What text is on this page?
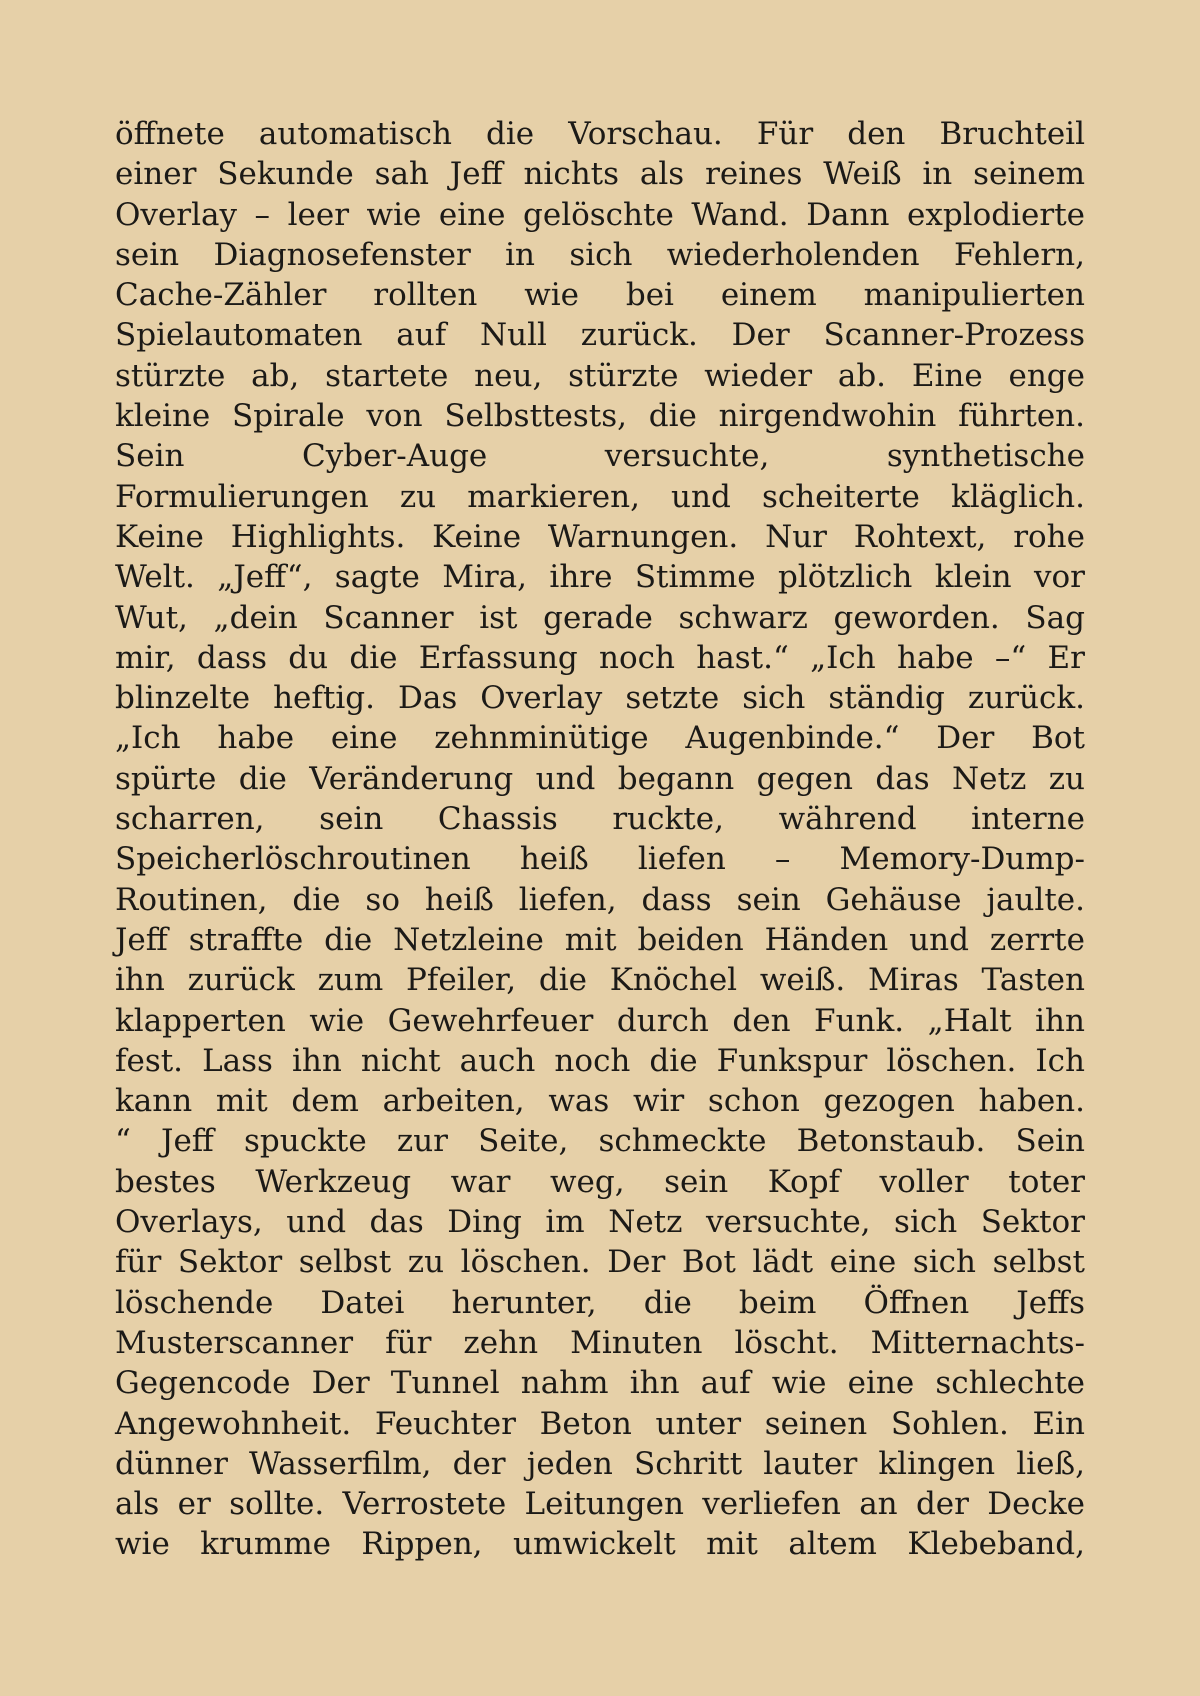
öffnete automatisch die Vorschau. Für den Bruchteil
einer Sekunde sah Jeff nichts als reines Weiß in seinem
Overlay – leer wie eine gelöschte Wand. Dann explodierte
sein Diagnosefenster in sich wiederholenden Fehlern,
Cache-Zähler rollten wie bei einem manipulierten
Spielautomaten auf Null zurück. Der Scanner-Prozess
stürzte ab, startete neu, stürzte wieder ab. Eine enge
kleine Spirale von Selbsttests, die nirgendwohin führten.
Sein Cyber-Auge versuchte, synthetische
Formulierungen zu markieren, und scheiterte kläglich.
Keine Highlights. Keine Warnungen. Nur Rohtext, rohe
Welt. „Jeff“, sagte Mira, ihre Stimme plötzlich klein vor
Wut, „dein Scanner ist gerade schwarz geworden. Sag
mir, dass du die Erfassung noch hast.“ „Ich habe –“ Er
blinzelte heftig. Das Overlay setzte sich ständig zurück.
„Ich habe eine zehnminütige Augenbinde.“ Der Bot
spürte die Veränderung und begann gegen das Netz zu
scharren, sein Chassis ruckte, während interne
Speicherlöschroutinen heiß liefen – Memory-Dump-
Routinen, die so heiß liefen, dass sein Gehäuse jaulte.
Jeff straffte die Netzleine mit beiden Händen und zerrte
ihn zurück zum Pfeiler, die Knöchel weiß. Miras Tasten
klapperten wie Gewehrfeuer durch den Funk. „Halt ihn
fest. Lass ihn nicht auch noch die Funkspur löschen. Ich
kann mit dem arbeiten, was wir schon gezogen haben.
“ Jeff spuckte zur Seite, schmeckte Betonstaub. Sein
bestes Werkzeug war weg, sein Kopf voller toter
Overlays, und das Ding im Netz versuchte, sich Sektor
für Sektor selbst zu löschen. Der Bot lädt eine sich selbst
löschende Datei herunter, die beim Öffnen Jeffs
Musterscanner für zehn Minuten löscht. Mitternachts-
Gegencode Der Tunnel nahm ihn auf wie eine schlechte
Angewohnheit. Feuchter Beton unter seinen Sohlen. Ein
dünner Wasserfilm, der jeden Schritt lauter klingen ließ,
als er sollte. Verrostete Leitungen verliefen an der Decke
wie krumme Rippen, umwickelt mit altem Klebeband,
